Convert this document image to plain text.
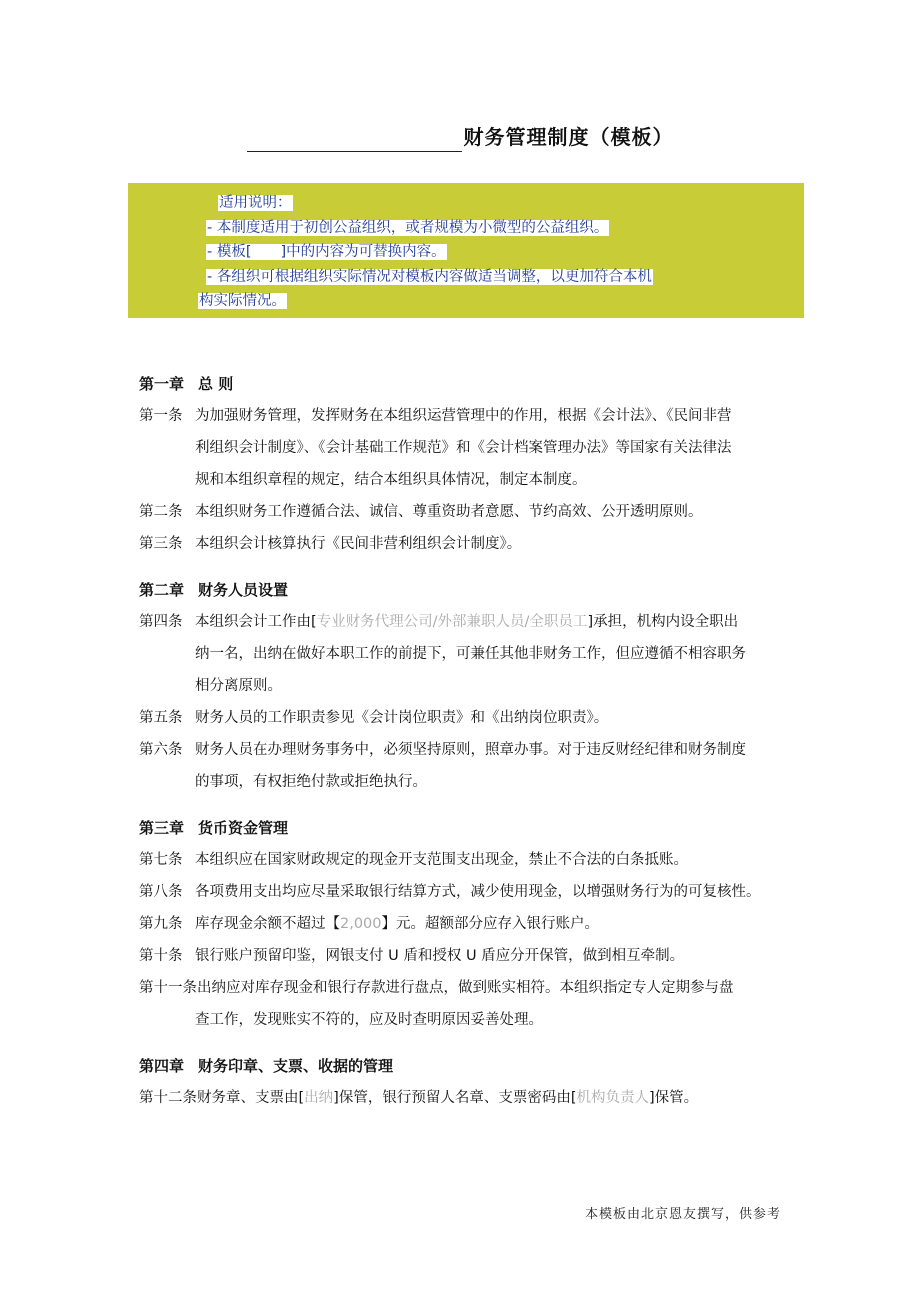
财务管理制度（模板）
适用说明：
- 本制度适用于初创公益组织，或者规模为小微型的公益组织。
- 模板[　　]中的内容为可替换内容。
- 各组织可根据组织实际情况对模板内容做适当调整，以更加符合本机
构实际情况。
第一章 总 则
第一条 为加强财务管理，发挥财务在本组织运营管理中的作用，根据《会计法》、《民间非营
利组织会计制度》、《会计基础工作规范》和《会计档案管理办法》等国家有关法律法
规和本组织章程的规定，结合本组织具体情况，制定本制度。
第二条 本组织财务工作遵循合法、诚信、尊重资助者意愿、节约高效、公开透明原则。
第三条 本组织会计核算执行《民间非营利组织会计制度》。
第二章 财务人员设置
第四条 本组织会计工作由[专业财务代理公司/外部兼职人员/全职员工]承担，机构内设全职出
纳一名，出纳在做好本职工作的前提下，可兼任其他非财务工作，但应遵循不相容职务
相分离原则。
第五条 财务人员的工作职责参见《会计岗位职责》和《出纳岗位职责》。
第六条 财务人员在办理财务事务中，必须坚持原则，照章办事。对于违反财经纪律和财务制度
的事项，有权拒绝付款或拒绝执行。
第三章 货币资金管理
第七条 本组织应在国家财政规定的现金开支范围支出现金，禁止不合法的白条抵账。
第八条 各项费用支出均应尽量采取银行结算方式，减少使用现金，以增强财务行为的可复核性。
第九条 库存现金余额不超过【2,000】元。超额部分应存入银行账户。
第十条 银行账户预留印鉴，网银支付 U 盾和授权 U 盾应分开保管，做到相互牵制。
第十一条出纳应对库存现金和银行存款进行盘点，做到账实相符。本组织指定专人定期参与盘
查工作，发现账实不符的，应及时查明原因妥善处理。
第四章 财务印章、支票、收据的管理
第十二条财务章、支票由[出纳]保管，银行预留人名章、支票密码由[机构负责人]保管。
本模板由北京恩友撰写，供参考
